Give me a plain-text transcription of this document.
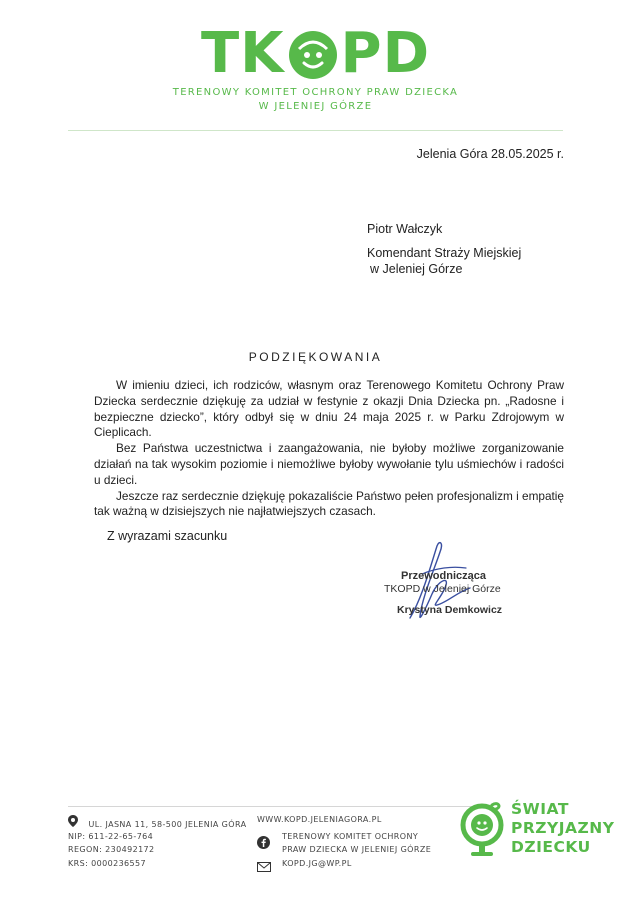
TK PD
TERENOWY KOMITET OCHRONY PRAW DZIECKA
W JELENIEJ GÓRZE
Jelenia Góra 28.05.2025 r.
Piotr Wałczyk
Komendant Straży Miejskiej
w Jeleniej Górze
PODZIĘKOWANIA

W imieniu dzieci, ich rodziców, własnym oraz Terenowego Komitetu Ochrony Praw Dziecka serdecznie dziękuję za udział w festynie z okazji Dnia Dziecka pn. „Radosne i bezpieczne dziecko”, który odbył się w dniu 24 maja 2025 r. w Parku Zdrojowym w Cieplicach.

Bez Państwa uczestnictwa i zaangażowania, nie byłoby możliwe zorganizowanie działań na tak wysokim poziomie i niemożliwe byłoby wywołanie tylu uśmiechów i radości u dzieci.

Jeszcze raz serdecznie dziękuję pokazaliście Państwo pełen profesjonalizm i empatię tak ważną w dzisiejszych nie najłatwiejszych czasach.

Z wyrazami szacunku
Przewodnicząca
TKOPD w Jeleniej Górze
Krystyna Demkowicz
UL. JASNA 11, 58-500 JELENIA GÓRA
NIP: 611-22-65-764
REGON: 230492172
KRS: 0000236557
WWW.KOPD.JELENIAGORA.PL
TERENOWY KOMITET OCHRONY
PRAW DZIECKA W JELENIEJ GÓRZE
KOPD.JG@WP.PL
ŚWIAT
PRZYJAZNY
DZIECKU
